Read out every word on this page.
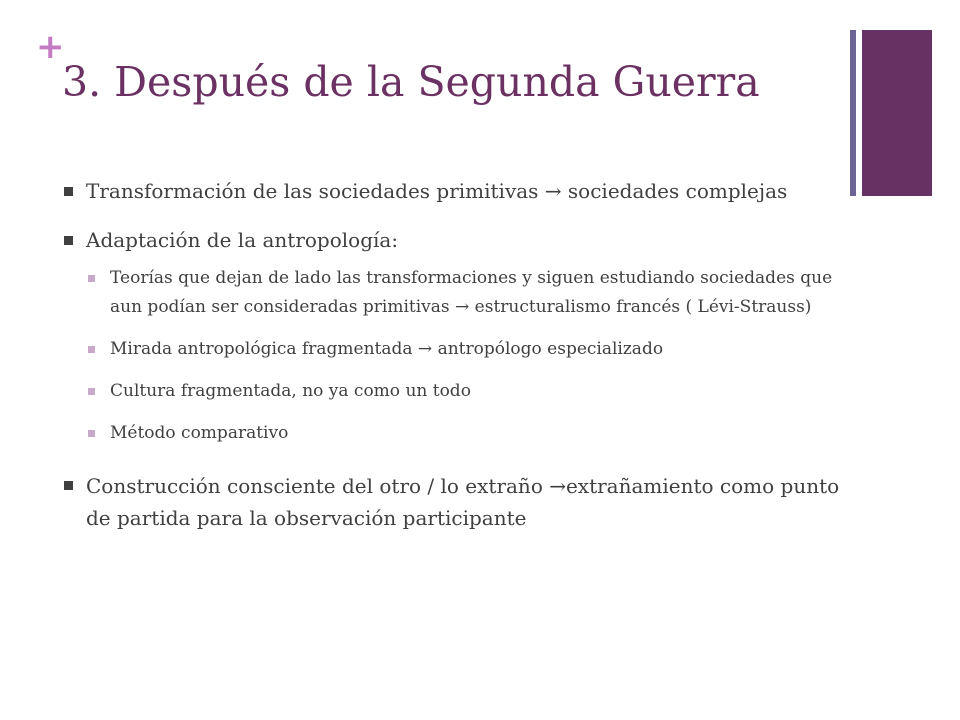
+
3. Después de la Segunda Guerra
Transformación de las sociedades primitivas → sociedades complejas
Adaptación de la antropología:
Teorías que dejan de lado las transformaciones y siguen estudiando sociedades que aun podían ser consideradas primitivas → estructuralismo francés ( Lévi-Strauss)
Mirada antropológica fragmentada → antropólogo especializado
Cultura fragmentada, no ya como un todo
Método comparativo
Construcción consciente del otro / lo extraño →extrañamiento como punto de partida para la observación participante
